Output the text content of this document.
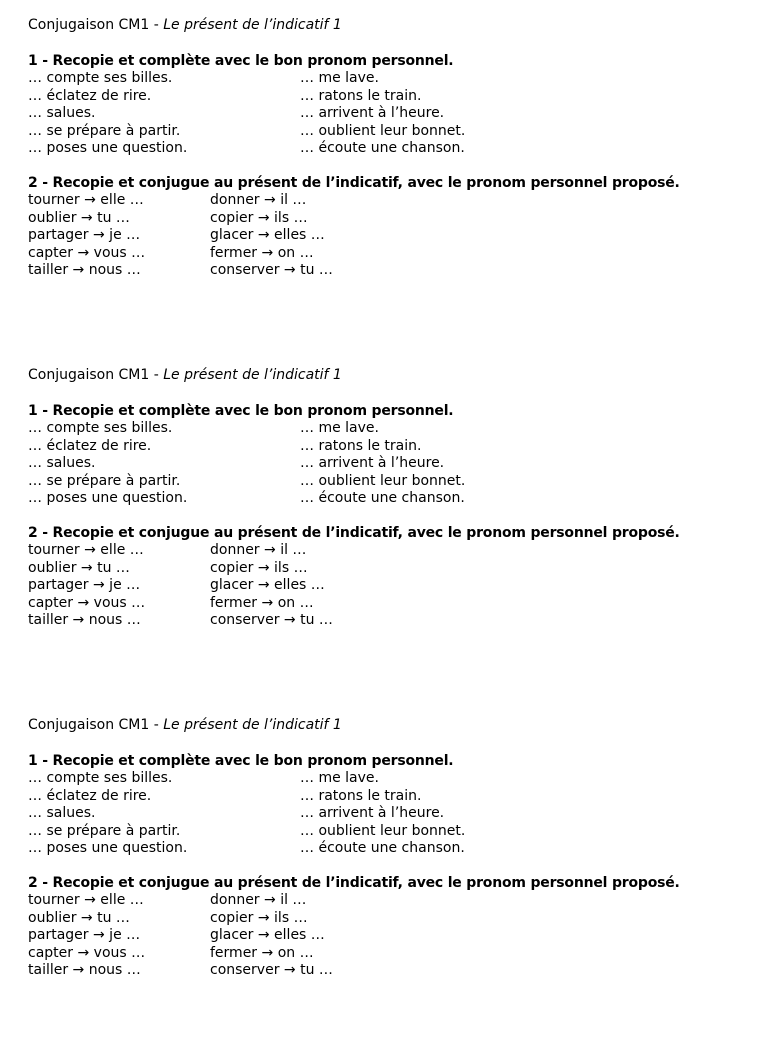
Conjugaison CM1 - Le présent de l’indicatif 1
1 - Recopie et complète avec le bon pronom personnel.
… compte ses billes.
… éclatez de rire.
… salues.
… se prépare à partir.
… poses une question.
… me lave.
… ratons le train.
… arrivent à l’heure.
… oublient leur bonnet.
… écoute une chanson.
2 - Recopie et conjugue au présent de l’indicatif, avec le pronom personnel proposé.
tourner → elle …
oublier → tu …
partager → je …
capter → vous …
tailler → nous …
donner → il …
copier → ils …
glacer → elles …
fermer → on …
conserver → tu …
Conjugaison CM1 - Le présent de l’indicatif 1
1 - Recopie et complète avec le bon pronom personnel.
… compte ses billes.
… éclatez de rire.
… salues.
… se prépare à partir.
… poses une question.
… me lave.
… ratons le train.
… arrivent à l’heure.
… oublient leur bonnet.
… écoute une chanson.
2 - Recopie et conjugue au présent de l’indicatif, avec le pronom personnel proposé.
tourner → elle …
oublier → tu …
partager → je …
capter → vous …
tailler → nous …
donner → il …
copier → ils …
glacer → elles …
fermer → on …
conserver → tu …
Conjugaison CM1 - Le présent de l’indicatif 1
1 - Recopie et complète avec le bon pronom personnel.
… compte ses billes.
… éclatez de rire.
… salues.
… se prépare à partir.
… poses une question.
… me lave.
… ratons le train.
… arrivent à l’heure.
… oublient leur bonnet.
… écoute une chanson.
2 - Recopie et conjugue au présent de l’indicatif, avec le pronom personnel proposé.
tourner → elle …
oublier → tu …
partager → je …
capter → vous …
tailler → nous …
donner → il …
copier → ils …
glacer → elles …
fermer → on …
conserver → tu …
